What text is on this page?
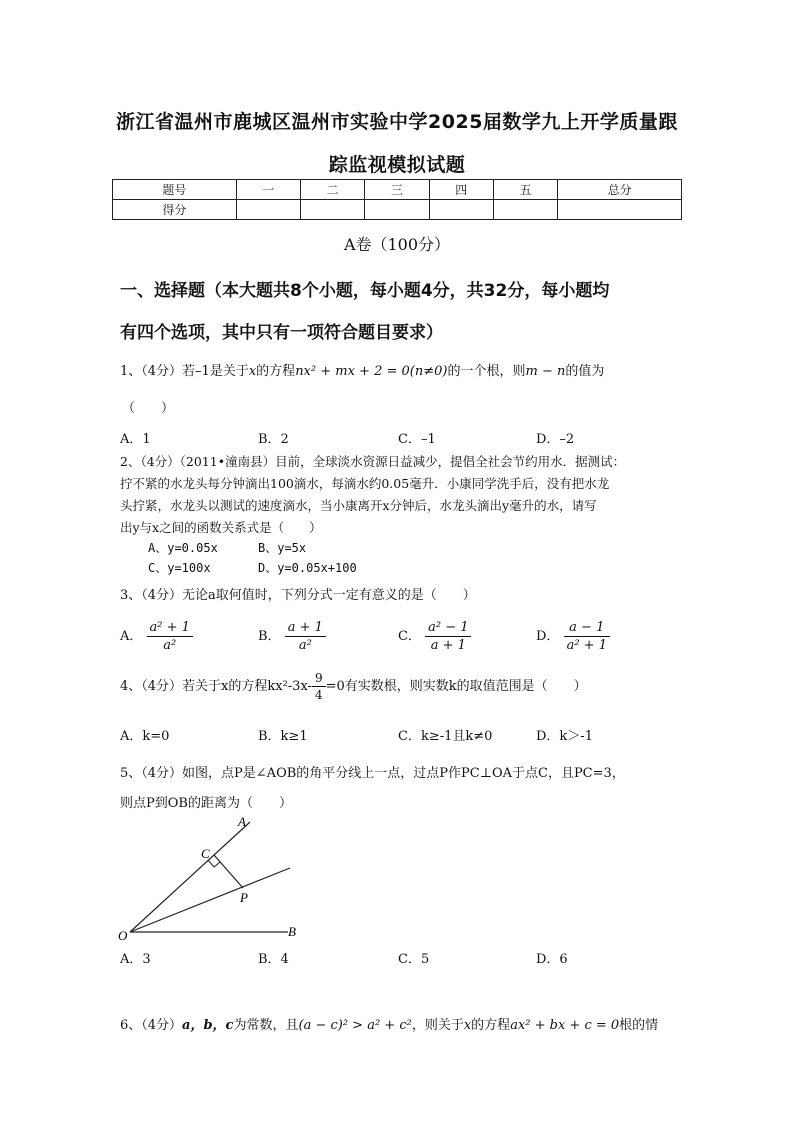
浙江省温州市鹿城区温州市实验中学2025届数学九上开学质量跟
踪监视模拟试题
题号	一	二	三	四	五	总分
得分						
A卷（100分）
一、选择题（本大题共8个小题，每小题4分，共32分，每小题均
有四个选项，其中只有一项符合题目要求）
1、（4分）若–1是关于x的方程nx² + mx + 2 = 0(n≠0)的一个根，则m − n的值为
（　　）
A．1	B．2	C．–1	D．–2
2、（4分）（2011•潼南县）目前，全球淡水资源日益减少，提倡全社会节约用水．据测试：
拧不紧的水龙头每分钟滴出100滴水，每滴水约0.05毫升．小康同学洗手后，没有把水龙
头拧紧，水龙头以测试的速度滴水，当小康离开x分钟后，水龙头滴出y毫升的水，请写
出y与x之间的函数关系式是（　　）
A、y=0.05x	B、y=5x
C、y=100x	D、y=0.05x+100
3、（4分）无论a取何值时，下列分式一定有意义的是（　　）
A． $\frac{\text{a² + 1}}{\text{a²}}$	B． $\frac{a + 1}{\text{a²}}$	C． $\frac{\text{a² − 1}}{a + 1}$	D． $\frac{a - 1}{\text{a² + 1}}$
4、（4分）若关于x的方程$kx^2-3x- \frac{9}{4} =0$有实数根，则实数k的取值范围是（　　）
A．k=0	B．k≥1	C．k≥-1且k≠0	D．k＞-1
5、（4分）如图，点P是∠AOB的角平分线上一点，过点P作PC⊥OA于点C，且PC=3，
则点P到OB的距离为（　　）
A
C
P
O	B
A．3	B．4	C．5	D．6
6、（4分）a，b，c为常数，且(a − c)² > a² + c²，则关于x的方程ax² + bx + c = 0根的情
